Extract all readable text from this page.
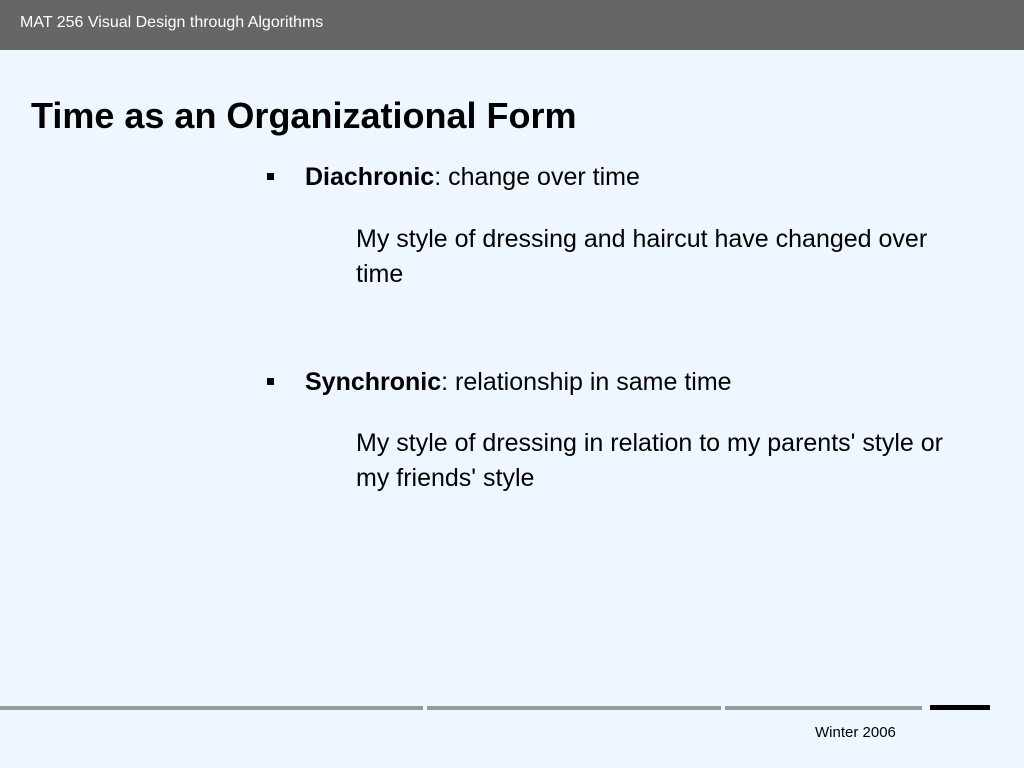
MAT 256 Visual Design through Algorithms
Time as an Organizational Form
Diachronic: change over time

My style of dressing and haircut have changed over time

Synchronic: relationship in same time

My style of dressing in relation to my parents' style or my friends' style

Winter 2006
